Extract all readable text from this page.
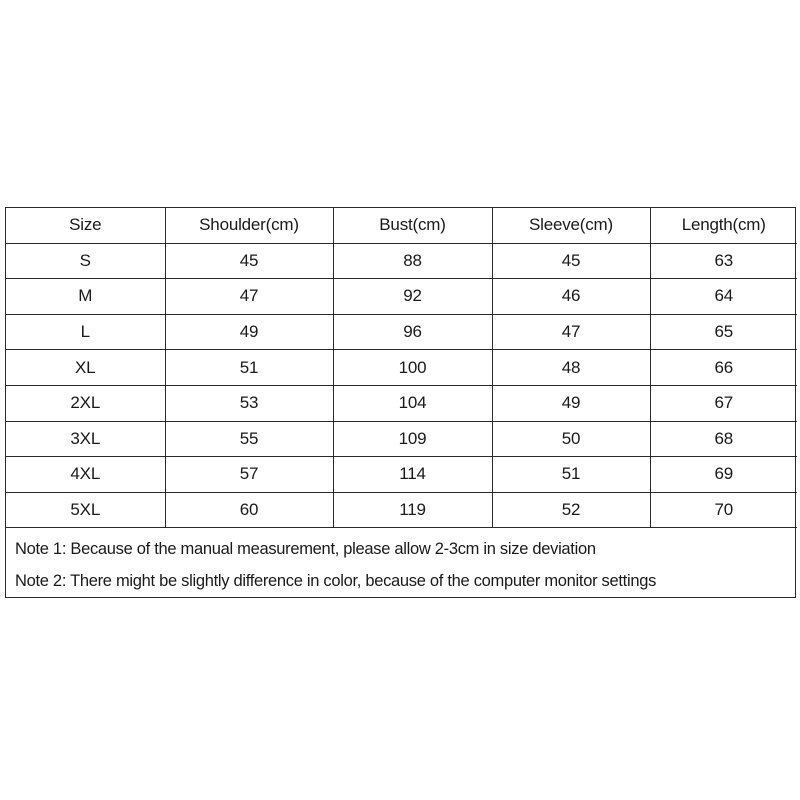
Size	Shoulder(cm)	Bust(cm)	Sleeve(cm)	Length(cm)
S	45	88	45	63
M	47	92	46	64
L	49	96	47	65
XL	51	100	48	66
2XL	53	104	49	67
3XL	55	109	50	68
4XL	57	114	51	69
5XL	60	119	52	70
Note 1: Because of the manual measurement, please allow 2-3cm in size deviation
Note 2: There might be slightly difference in color, because of the computer monitor settings
